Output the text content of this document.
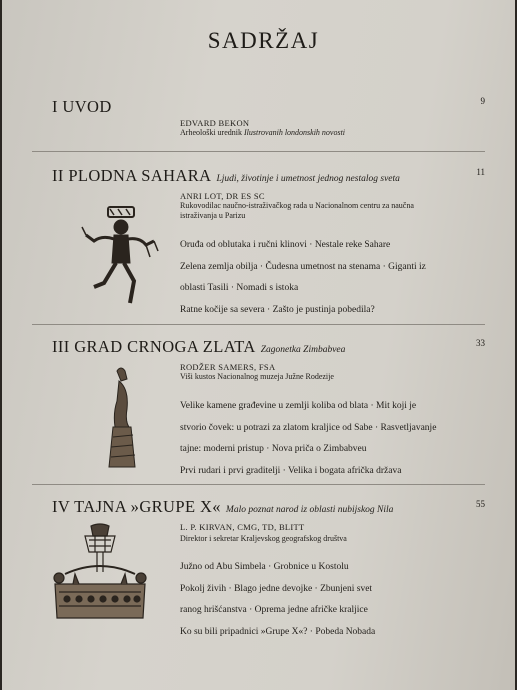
SADRŽAJ
I UVOD	9
EDVARD BEKON
Arheološki urednik Ilustrovanih londonskih novosti
II PLODNA SAHARA Ljudi, životinje i umetnost jednog nestalog sveta
11
ANRI LOT, DR ES SC
Rukovodilac naučno-istraživačkog rada u Nacionalnom centru za naučna istraživanja u Parizu
Oruđa od oblutaka i ručni klinovi · Nestale reke Sahare
Zelena zemlja obilja · Čudesna umetnost na stenama · Giganti iz
oblasti Tasili · Nomadi s istoka
Ratne kočije sa severa · Zašto je pustinja pobedila?
III GRAD CRNOGA ZLATA Zagonetka Zimbabvea
33
RODŽER SAMERS, FSA
Viši kustos Nacionalnog muzeja Južne Rodezije
Velike kamene građevine u zemlji koliba od blata · Mit koji je
stvorio čovek: u potrazi za zlatom kraljice od Sabe · Rasvetljavanje
tajne: moderni pristup · Nova priča o Zimbabveu
Prvi rudari i prvi graditelji · Velika i bogata afrička država
IV TAJNA »GRUPE X« Malo poznat narod iz oblasti nubijskog Nila
55
L. P. KIRVAN, CMG, TD, BLITT
Direktor i sekretar Kraljevskog geografskog društva
Južno od Abu Simbela · Grobnice u Kostolu
Pokolj živih · Blago jedne devojke · Zbunjeni svet
ranog hrišćanstva · Oprema jedne afričke kraljice
Ko su bili pripadnici »Grupe X«? · Pobeda Nobada
